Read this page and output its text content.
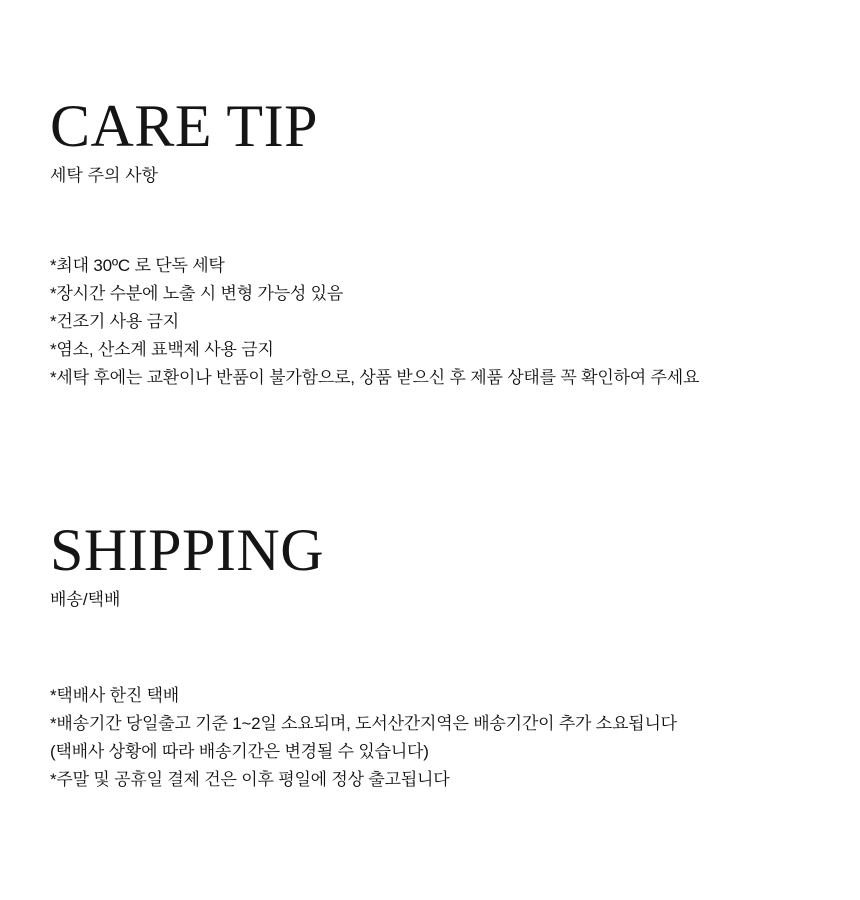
CARE TIP

세탁 주의 사항

*최대 30ºC 로 단독 세탁

*장시간 수분에 노출 시 변형 가능성 있음

*건조기 사용 금지

*염소, 산소계 표백제 사용 금지

*세탁 후에는 교환이나 반품이 불가함으로, 상품 받으신 후 제품 상태를 꼭 확인하여 주세요

SHIPPING

배송/택배

*택배사 한진 택배

*배송기간 당일출고 기준 1~2일 소요되며, 도서산간지역은 배송기간이 추가 소요됩니다

(택배사 상황에 따라 배송기간은 변경될 수 있습니다)

*주말 및 공휴일 결제 건은 이후 평일에 정상 출고됩니다
